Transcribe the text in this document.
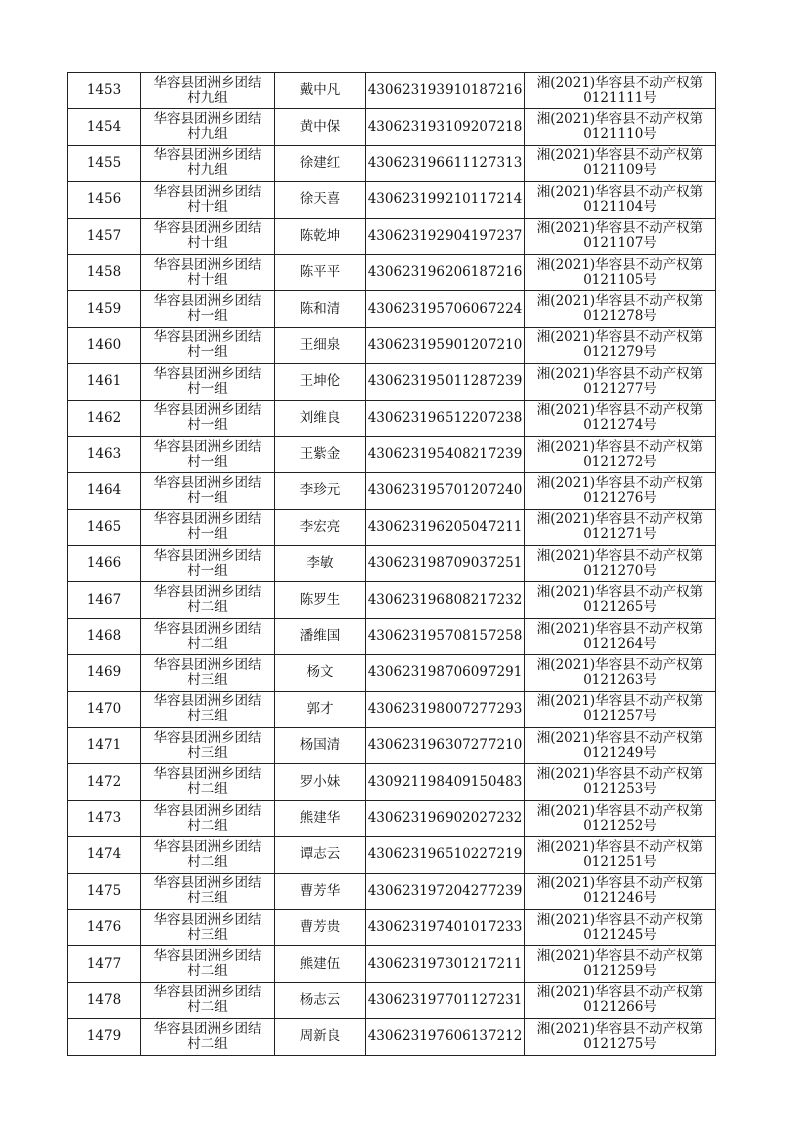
1453	华容县团洲乡团结
村九组	戴中凡	430623193910187216	湘(2021)华容县不动产权第
0121111号

1454	华容县团洲乡团结
村九组	黄中保	430623193109207218	湘(2021)华容县不动产权第
0121110号

1455	华容县团洲乡团结
村九组	徐建红	430623196611127313	湘(2021)华容县不动产权第
0121109号

1456	华容县团洲乡团结
村十组	徐天喜	430623199210117214	湘(2021)华容县不动产权第
0121104号

1457	华容县团洲乡团结
村十组	陈乾坤	430623192904197237	湘(2021)华容县不动产权第
0121107号

1458	华容县团洲乡团结
村十组	陈平平	430623196206187216	湘(2021)华容县不动产权第
0121105号

1459	华容县团洲乡团结
村一组	陈和清	430623195706067224	湘(2021)华容县不动产权第
0121278号

1460	华容县团洲乡团结
村一组	王细泉	430623195901207210	湘(2021)华容县不动产权第
0121279号

1461	华容县团洲乡团结
村一组	王坤伦	430623195011287239	湘(2021)华容县不动产权第
0121277号

1462	华容县团洲乡团结
村一组	刘维良	430623196512207238	湘(2021)华容县不动产权第
0121274号

1463	华容县团洲乡团结
村一组	王紫金	430623195408217239	湘(2021)华容县不动产权第
0121272号

1464	华容县团洲乡团结
村一组	李珍元	430623195701207240	湘(2021)华容县不动产权第
0121276号

1465	华容县团洲乡团结
村一组	李宏亮	430623196205047211	湘(2021)华容县不动产权第
0121271号

1466	华容县团洲乡团结
村一组	李敏	430623198709037251	湘(2021)华容县不动产权第
0121270号

1467	华容县团洲乡团结
村二组	陈罗生	430623196808217232	湘(2021)华容县不动产权第
0121265号

1468	华容县团洲乡团结
村二组	潘维国	430623195708157258	湘(2021)华容县不动产权第
0121264号

1469	华容县团洲乡团结
村三组	杨文	430623198706097291	湘(2021)华容县不动产权第
0121263号

1470	华容县团洲乡团结
村三组	郭才	430623198007277293	湘(2021)华容县不动产权第
0121257号

1471	华容县团洲乡团结
村三组	杨国清	430623196307277210	湘(2021)华容县不动产权第
0121249号

1472	华容县团洲乡团结
村二组	罗小妹	430921198409150483	湘(2021)华容县不动产权第
0121253号

1473	华容县团洲乡团结
村二组	熊建华	430623196902027232	湘(2021)华容县不动产权第
0121252号

1474	华容县团洲乡团结
村二组	谭志云	430623196510227219	湘(2021)华容县不动产权第
0121251号

1475	华容县团洲乡团结
村三组	曹芳华	430623197204277239	湘(2021)华容县不动产权第
0121246号

1476	华容县团洲乡团结
村三组	曹芳贵	430623197401017233	湘(2021)华容县不动产权第
0121245号

1477	华容县团洲乡团结
村二组	熊建伍	430623197301217211	湘(2021)华容县不动产权第
0121259号

1478	华容县团洲乡团结
村二组	杨志云	430623197701127231	湘(2021)华容县不动产权第
0121266号

1479	华容县团洲乡团结
村二组	周新良	430623197606137212	湘(2021)华容县不动产权第
0121275号
